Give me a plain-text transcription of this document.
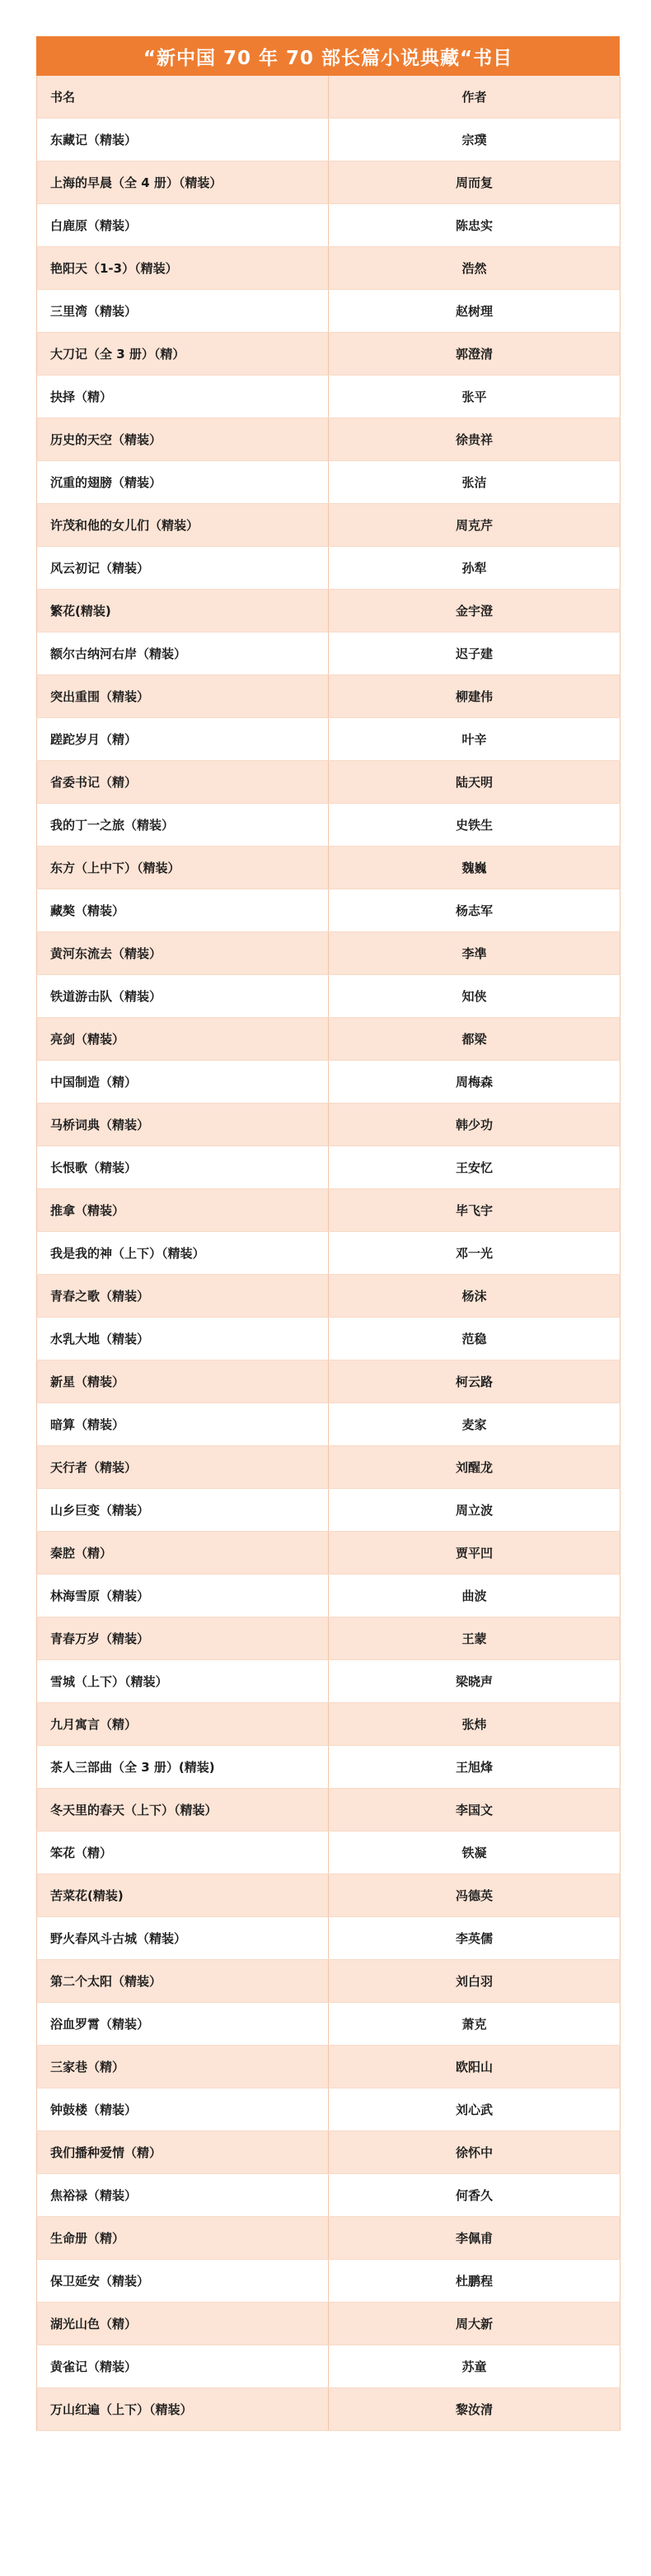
“新中国 70 年 70 部长篇小说典藏“书目
书名	作者
东藏记（精装）	宗璞
上海的早晨（全 4 册）（精装）	周而复
白鹿原（精装）	陈忠实
艳阳天（1-3）（精装）	浩然
三里湾（精装）	赵树理
大刀记（全 3 册）（精）	郭澄清
抉择（精）	张平
历史的天空（精装）	徐贵祥
沉重的翅膀（精装）	张洁
许茂和他的女儿们（精装）	周克芹
风云初记（精装）	孙犁
繁花(精装)	金宇澄
额尔古纳河右岸（精装）	迟子建
突出重围（精装）	柳建伟
蹉跎岁月（精）	叶辛
省委书记（精）	陆天明
我的丁一之旅（精装）	史铁生
东方（上中下）（精装）	魏巍
藏獒（精装）	杨志军
黄河东流去（精装）	李凖
铁道游击队（精装）	知侠
亮剑（精装）	都梁
中国制造（精）	周梅森
马桥词典（精装）	韩少功
长恨歌（精装）	王安忆
推拿（精装）	毕飞宇
我是我的神（上下）（精装）	邓一光
青春之歌（精装）	杨沫
水乳大地（精装）	范稳
新星（精装）	柯云路
暗算（精装）	麦家
天行者（精装）	刘醒龙
山乡巨变（精装）	周立波
秦腔（精）	贾平凹
林海雪原（精装）	曲波
青春万岁（精装）	王蒙
雪城（上下）（精装）	梁晓声
九月寓言（精）	张炜
茶人三部曲（全 3 册）(精装)	王旭烽
冬天里的春天（上下）（精装）	李国文
笨花（精）	铁凝
苦菜花(精装)	冯德英
野火春风斗古城（精装）	李英儒
第二个太阳（精装）	刘白羽
浴血罗霄（精装）	萧克
三家巷（精）	欧阳山
钟鼓楼（精装）	刘心武
我们播种爱情（精）	徐怀中
焦裕禄（精装）	何香久
生命册（精）	李佩甫
保卫延安（精装）	杜鹏程
湖光山色（精）	周大新
黄雀记（精装）	苏童
万山红遍（上下）（精装）	黎汝清
